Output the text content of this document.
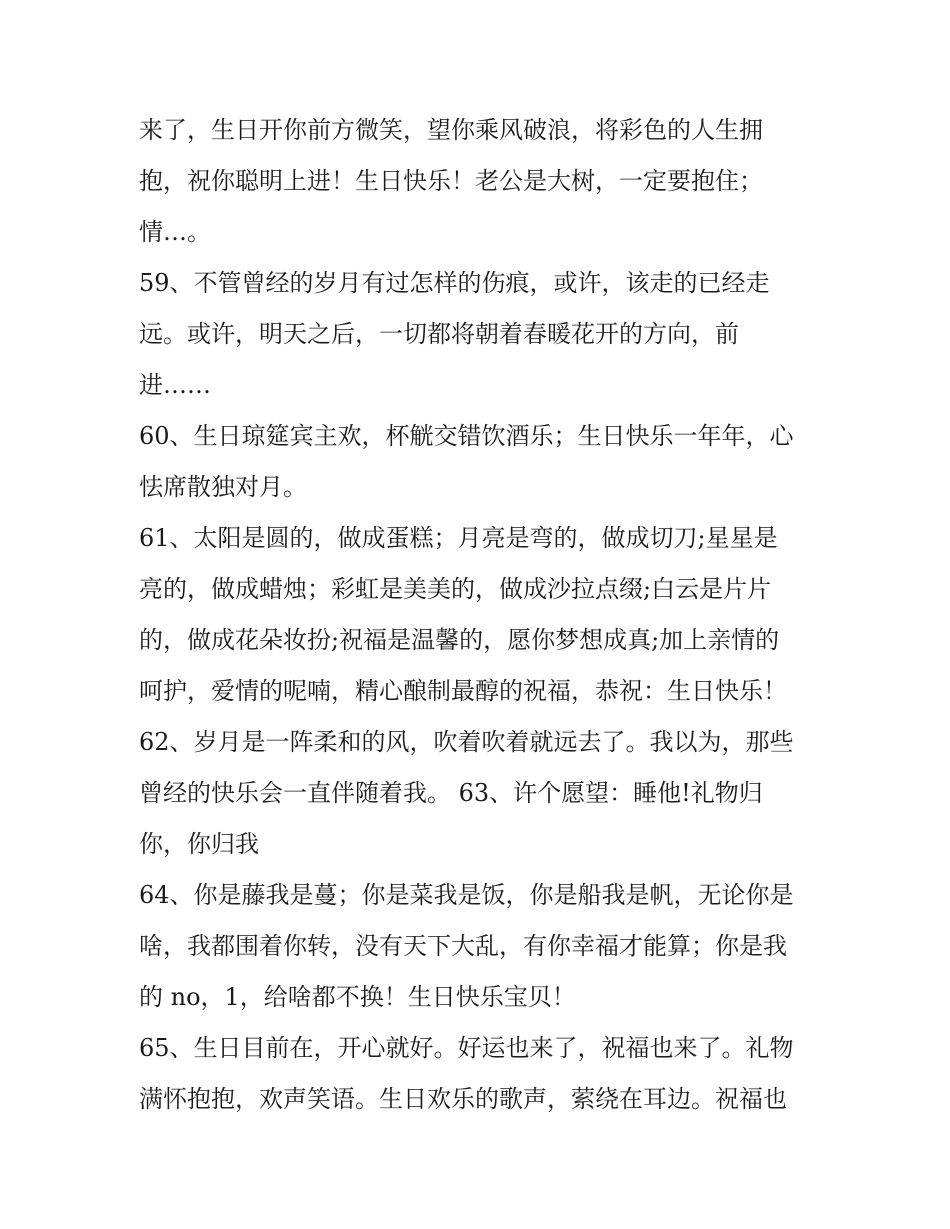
来了，生日开你前方微笑，望你乘风破浪，将彩色的人生拥
抱，祝你聪明上进！生日快乐！老公是大树，一定要抱住；
情…。
59、不管曾经的岁月有过怎样的伤痕，或许，该走的已经走
远。或许，明天之后，一切都将朝着春暖花开的方向，前
进……
60、生日琼筵宾主欢，杯觥交错饮酒乐；生日快乐一年年，心
怯席散独对月。
61、太阳是圆的，做成蛋糕；月亮是弯的，做成切刀;星星是
亮的，做成蜡烛；彩虹是美美的，做成沙拉点缀;白云是片片
的，做成花朵妆扮;祝福是温馨的，愿你梦想成真;加上亲情的
呵护，爱情的呢喃，精心酿制最醇的祝福，恭祝：生日快乐！
62、岁月是一阵柔和的风，吹着吹着就远去了。我以为，那些
曾经的快乐会一直伴随着我。 63、许个愿望：睡他!礼物归
你，你归我
64、你是藤我是蔓；你是菜我是饭，你是船我是帆，无论你是
啥，我都围着你转，没有天下大乱，有你幸福才能算；你是我
的 no，1，给啥都不换！生日快乐宝贝！
65、生日目前在，开心就好。好运也来了，祝福也来了。礼物
满怀抱抱，欢声笑语。生日欢乐的歌声，萦绕在耳边。祝福也
